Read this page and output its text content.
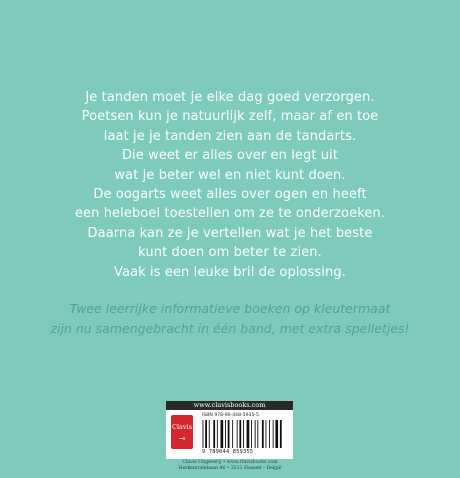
Je tanden moet je elke dag goed verzorgen.
Poetsen kun je natuurlijk zelf, maar af en toe
laat je je tanden zien aan de tandarts.
Die weet er alles over en legt uit
wat je beter wel en niet kunt doen.
De oogarts weet alles over ogen en heeft
een heleboel toestellen om ze te onderzoeken.
Daarna kan ze je vertellen wat je het beste
kunt doen om beter te zien.
Vaak is een leuke bril de oplossing.
Twee leerrijke informatieve boeken op kleutermaat
zijn nu samengebracht in één band, met extra spelletjes!
www.clavisbooks.com
Clavis
⊸
ISBN 978-90-448-5935-5
9 789044 859355
Clavis Uitgeverij • www.clavisbooks.com
Herkenrodebaan 46 • 3511 Hasselt – België
